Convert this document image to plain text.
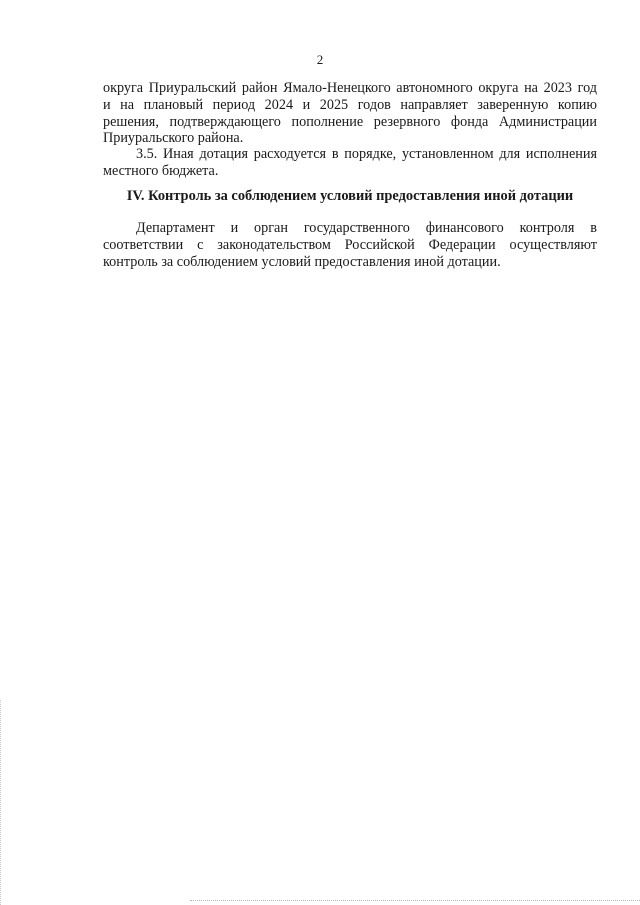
2
округа Приуральский район Ямало-Ненецкого автономного округа на 2023 год
и на плановый период 2024 и 2025 годов направляет заверенную копию
решения, подтверждающего пополнение резервного фонда Администрации
Приуральского района.
3.5. Иная дотация расходуется в порядке, установленном для исполнения
местного бюджета.
IV. Контроль за соблюдением условий предоставления иной дотации
Департамент и орган государственного финансового контроля в
соответствии с законодательством Российской Федерации осуществляют
контроль за соблюдением условий предоставления иной дотации.
